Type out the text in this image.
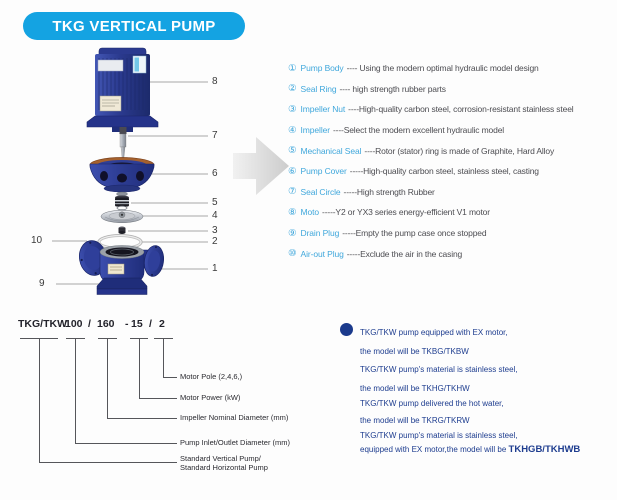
TKG VERTICAL PUMP
1
2
3
4
5
6
7
8
9
10
① Pump Body ---- Using the modern optimal hydraulic model design
② Seal Ring ---- high strength rubber parts
③ Impeller Nut ----High-quality carbon steel, corrosion-resistant stainless steel
④ Impeller ----Select the modern excellent hydraulic model
⑤ Mechanical Seal ----Rotor (stator) ring is made of Graphite, Hard Alloy
⑥ Pump Cover -----High-quality carbon steel, stainless steel, casting
⑦ Seal Circle -----High strength Rubber
⑧ Moto -----Y2 or YX3 series energy-efficient V1 motor
⑨ Drain Plug -----Empty the pump case once stopped
⑩ Air-out Plug -----Exclude the air in the casing
TKG/TKW
100 / 160 - 15 / 2
Motor Pole (2,4,6,)
Motor Power (kW)
Impeller Nominal Diameter (mm)
Pump Inlet/Outlet Diameter (mm)
Standard Vertical Pump/
Standard Horizontal Pump
TKG/TKW pump equipped with EX motor,
the model will be TKBG/TKBW
TKG/TKW pump's material is stainless steel,
the model will be TKHG/TKHW
TKG/TKW pump delivered the hot water,
the model will be TKRG/TKRW
TKG/TKW pump's material is stainless steel,
equipped with EX motor,the model will be TKHGB/TKHWB
